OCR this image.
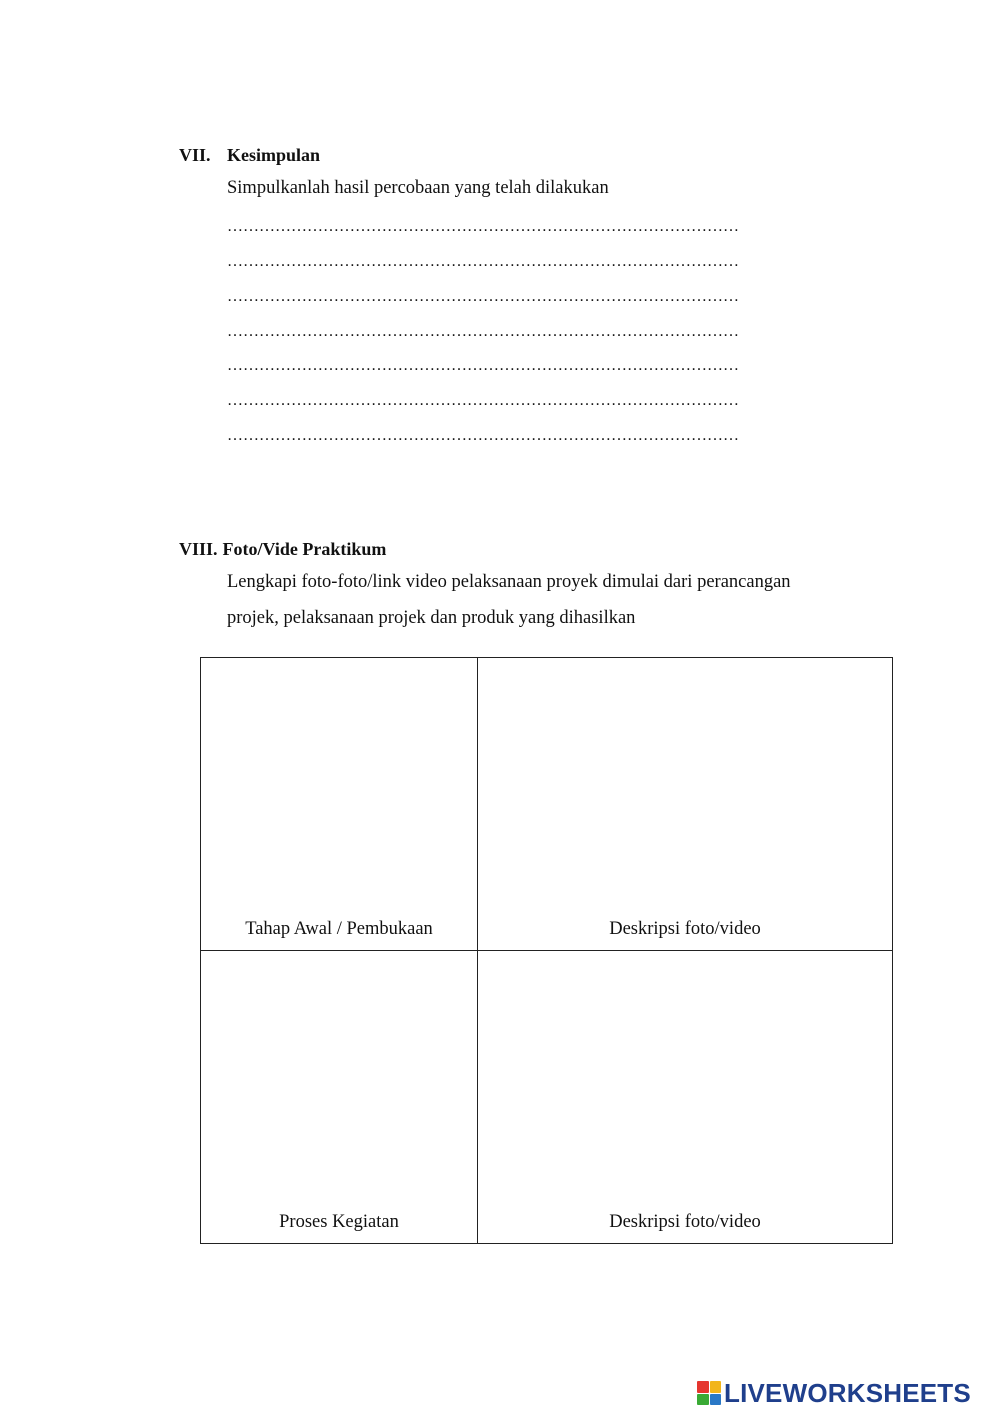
VII. Kesimpulan
Simpulkanlah hasil percobaan yang telah dilakukan
……………………………………………………………………………………
……………………………………………………………………………………
……………………………………………………………………………………
……………………………………………………………………………………
……………………………………………………………………………………
……………………………………………………………………………………
……………………………………………………………………………………
VIII. Foto/Vide Praktikum
Lengkapi foto-foto/link video pelaksanaan proyek dimulai dari perancangan
projek, pelaksanaan projek dan produk yang dihasilkan
Tahap Awal / Pembukaan	Deskripsi foto/video

Proses Kegiatan	Deskripsi foto/video
LIVEWORKSHEETS
